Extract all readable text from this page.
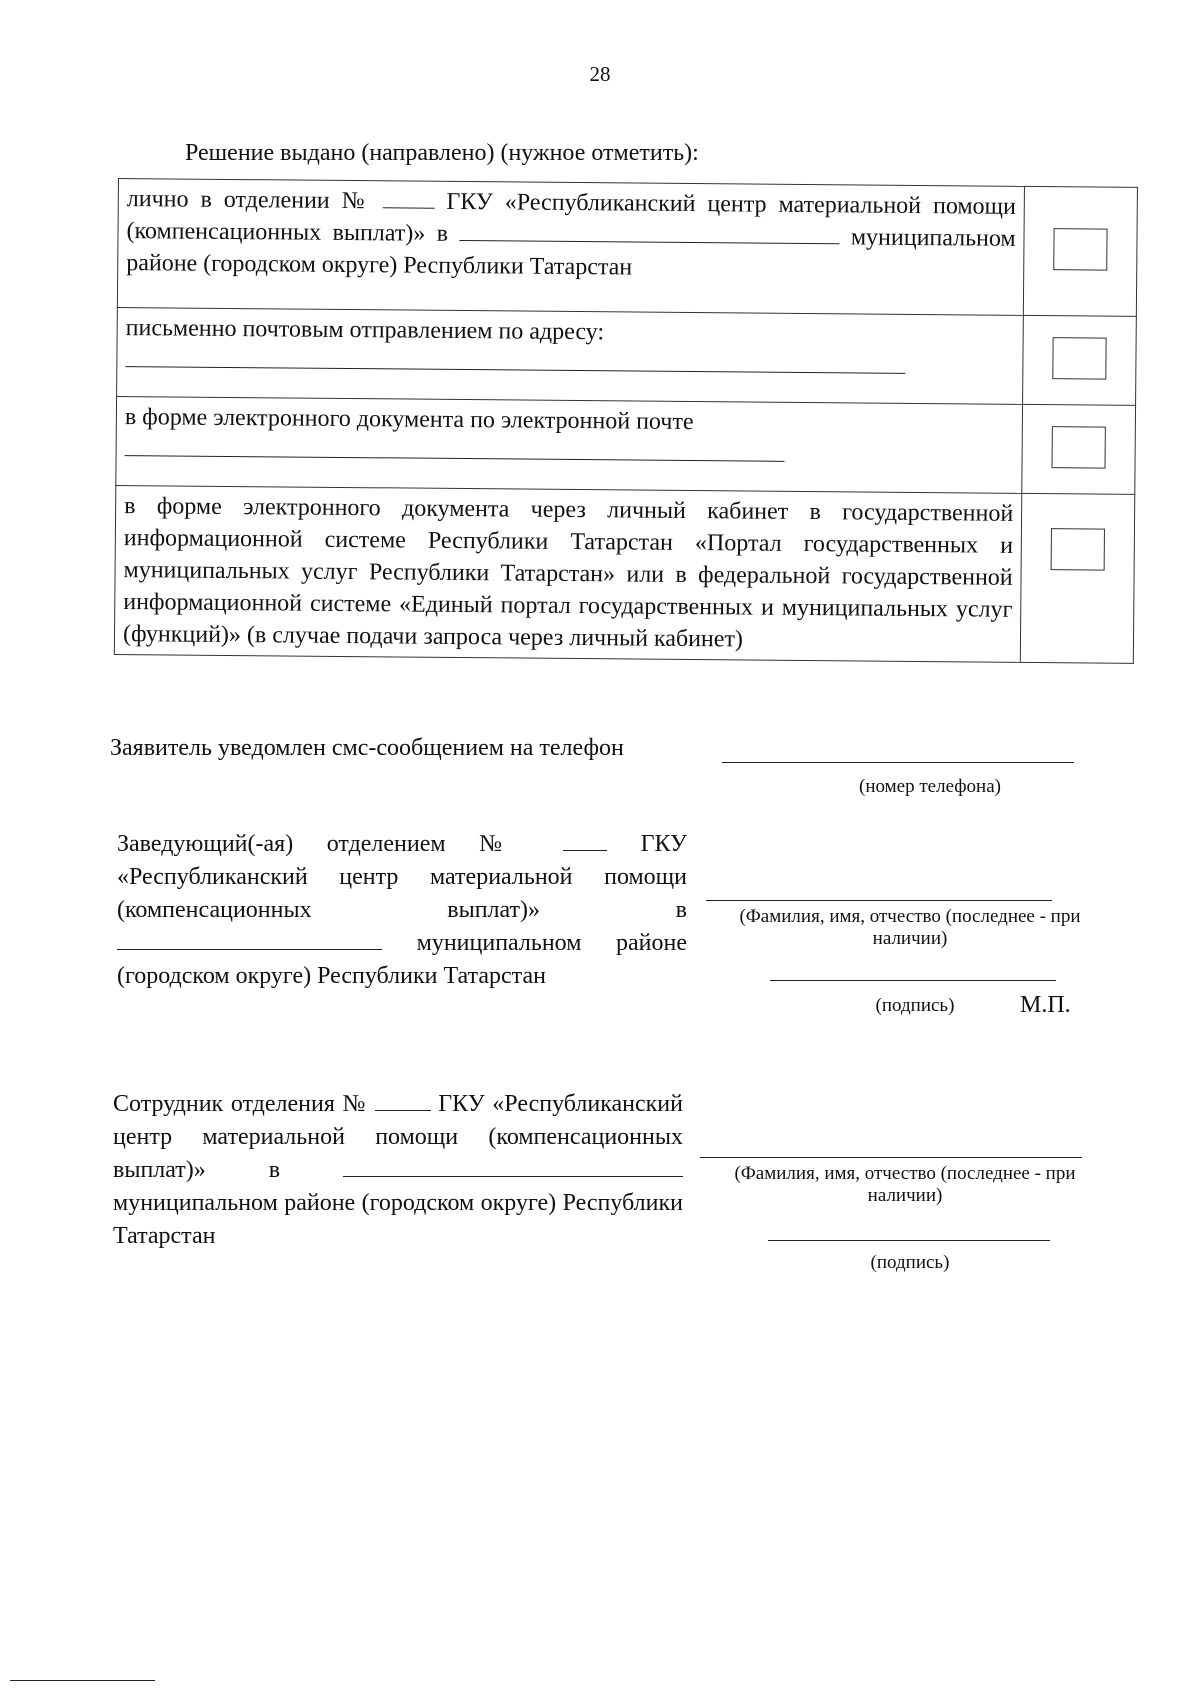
28
Решение выдано (направлено) (нужное отметить):
лично в отделении № ГКУ «Республиканский центр материальной помощи (компенсационных выплат)» в муниципальном районе (городском округе) Республики Татарстан	

письменно почтовым отправлением по адресу:	

в форме электронного документа по электронной почте	

в форме электронного документа через личный кабинет в государственной информационной системе Республики Татарстан «Портал государственных и муниципальных услуг Республики Татарстан» или в федеральной государственной информационной системе «Единый портал государственных и муниципальных услуг (функций)» (в случае подачи запроса через личный кабинет)	
Заявитель уведомлен смс-сообщением на телефон
(номер телефона)
Заведующий(-ая) отделением №	ГКУ «Республиканский центр материальной помощи (компенсационных выплат)» в  муниципальном районе (городском округе) Республики Татарстан
(Фамилия, имя, отчество (последнее - при наличии)
(подпись)	М.П.
Сотрудник отделения №	ГКУ «Республиканский центр материальной помощи (компенсационных выплат)» в  муниципальном районе (городском округе) Республики Татарстан
(Фамилия, имя, отчество (последнее - при наличии)
(подпись)
